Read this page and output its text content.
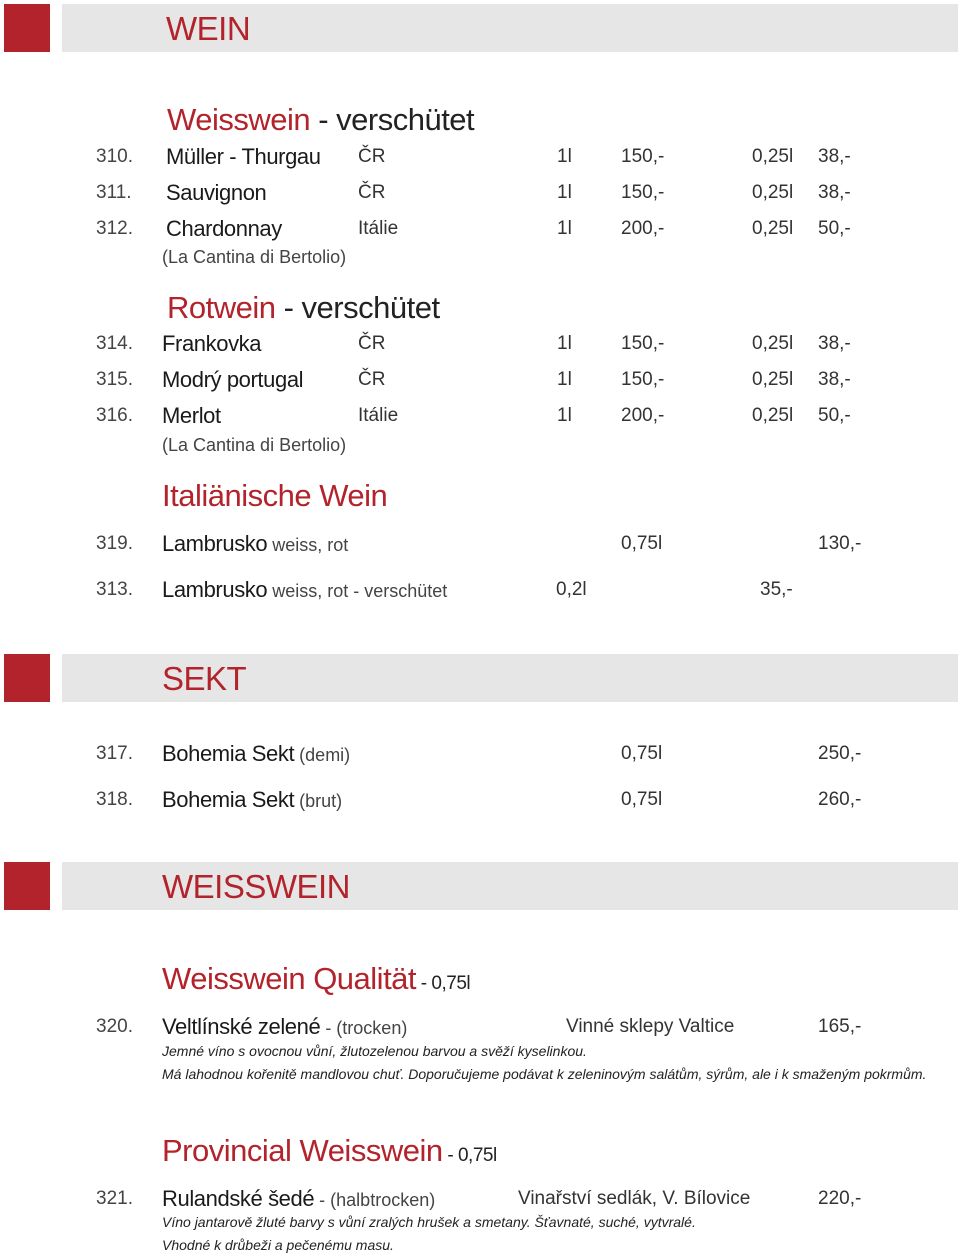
WEIN
Weisswein - verschütet
310. Müller - Thurgau ČR	1l	150,-	0,25l 38,-
311. Sauvignon	ČR	1l	150,-	0,25l 38,-
312. Chardonnay	Itálie	1l	200,-	0,25l 50,-
(La Cantina di Bertolio)
Rotwein - verschütet
314. Frankovka	ČR	1l	150,-	0,25l 38,-
315. Modrý portugal	ČR	1l	150,-	0,25l 38,-
316. Merlot	Itálie	1l	200,-	0,25l 50,-
(La Cantina di Bertolio)
Italiänische Wein
319. Lambrusko weiss, rot	0,75l	130,-
313. Lambrusko weiss, rot - verschütet	0,2l	35,-
SEKT
317. Bohemia Sekt (demi)	0,75l	250,-
318. Bohemia Sekt (brut)	0,75l	260,-
WEISSWEIN
Weisswein Qualität - 0,75l
320. Veltlínské zelené - (trocken)	Vinné sklepy Valtice	165,-
Jemné víno s ovocnou vůní, žlutozelenou barvou a svěží kyselinkou.
Má lahodnou kořenitě mandlovou chuť. Doporučujeme podávat k zeleninovým salátům, sýrům, ale i k smaženým pokrmům.
Provincial Weisswein - 0,75l
321. Rulandské šedé - (halbtrocken)	Vinařství sedlák, V. Bílovice	220,-
Víno jantarově žluté barvy s vůní zralých hrušek a smetany. Šťavnaté, suché, vytvralé.
Vhodné k drůbeži a pečenému masu.
